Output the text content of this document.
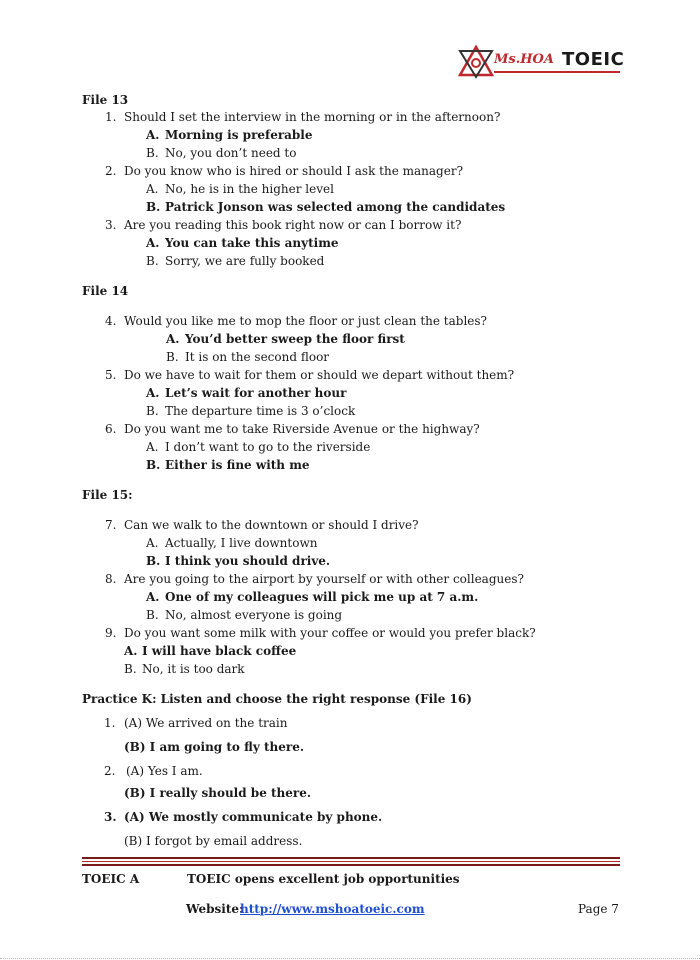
Ms.HOA TOEIC
File 13
1. Should I set the interview in the morning or in the afternoon?
A. Morning is preferable
B. No, you don’t need to
2. Do you know who is hired or should I ask the manager?
A. No, he is in the higher level
B. Patrick Jonson was selected among the candidates
3. Are you reading this book right now or can I borrow it?
A. You can take this anytime
B. Sorry, we are fully booked
File 14
4. Would you like me to mop the floor or just clean the tables?
A. You’d better sweep the floor first
B. It is on the second floor
5. Do we have to wait for them or should we depart without them?
A. Let’s wait for another hour
B. The departure time is 3 o’clock
6. Do you want me to take Riverside Avenue or the highway?
A. I don’t want to go to the riverside
B. Either is fine with me
File 15:
7. Can we walk to the downtown or should I drive?
A. Actually, I live downtown
B. I think you should drive.
8. Are you going to the airport by yourself or with other colleagues?
A. One of my colleagues will pick me up at 7 a.m.
B. No, almost everyone is going
9. Do you want some milk with your coffee or would you prefer black?
A. I will have black coffee
B. No, it is too dark
Practice K: Listen and choose the right response (File 16)
1. (A) We arrived on the train
(B) I am going to fly there.
2. (A) Yes I am.
(B) I really should be there.
3. (A) We mostly communicate by phone.
(B) I forgot by email address.
TOEIC A	TOEIC opens excellent job opportunities
Website:
http://www.mshoatoeic.com	Page 7
